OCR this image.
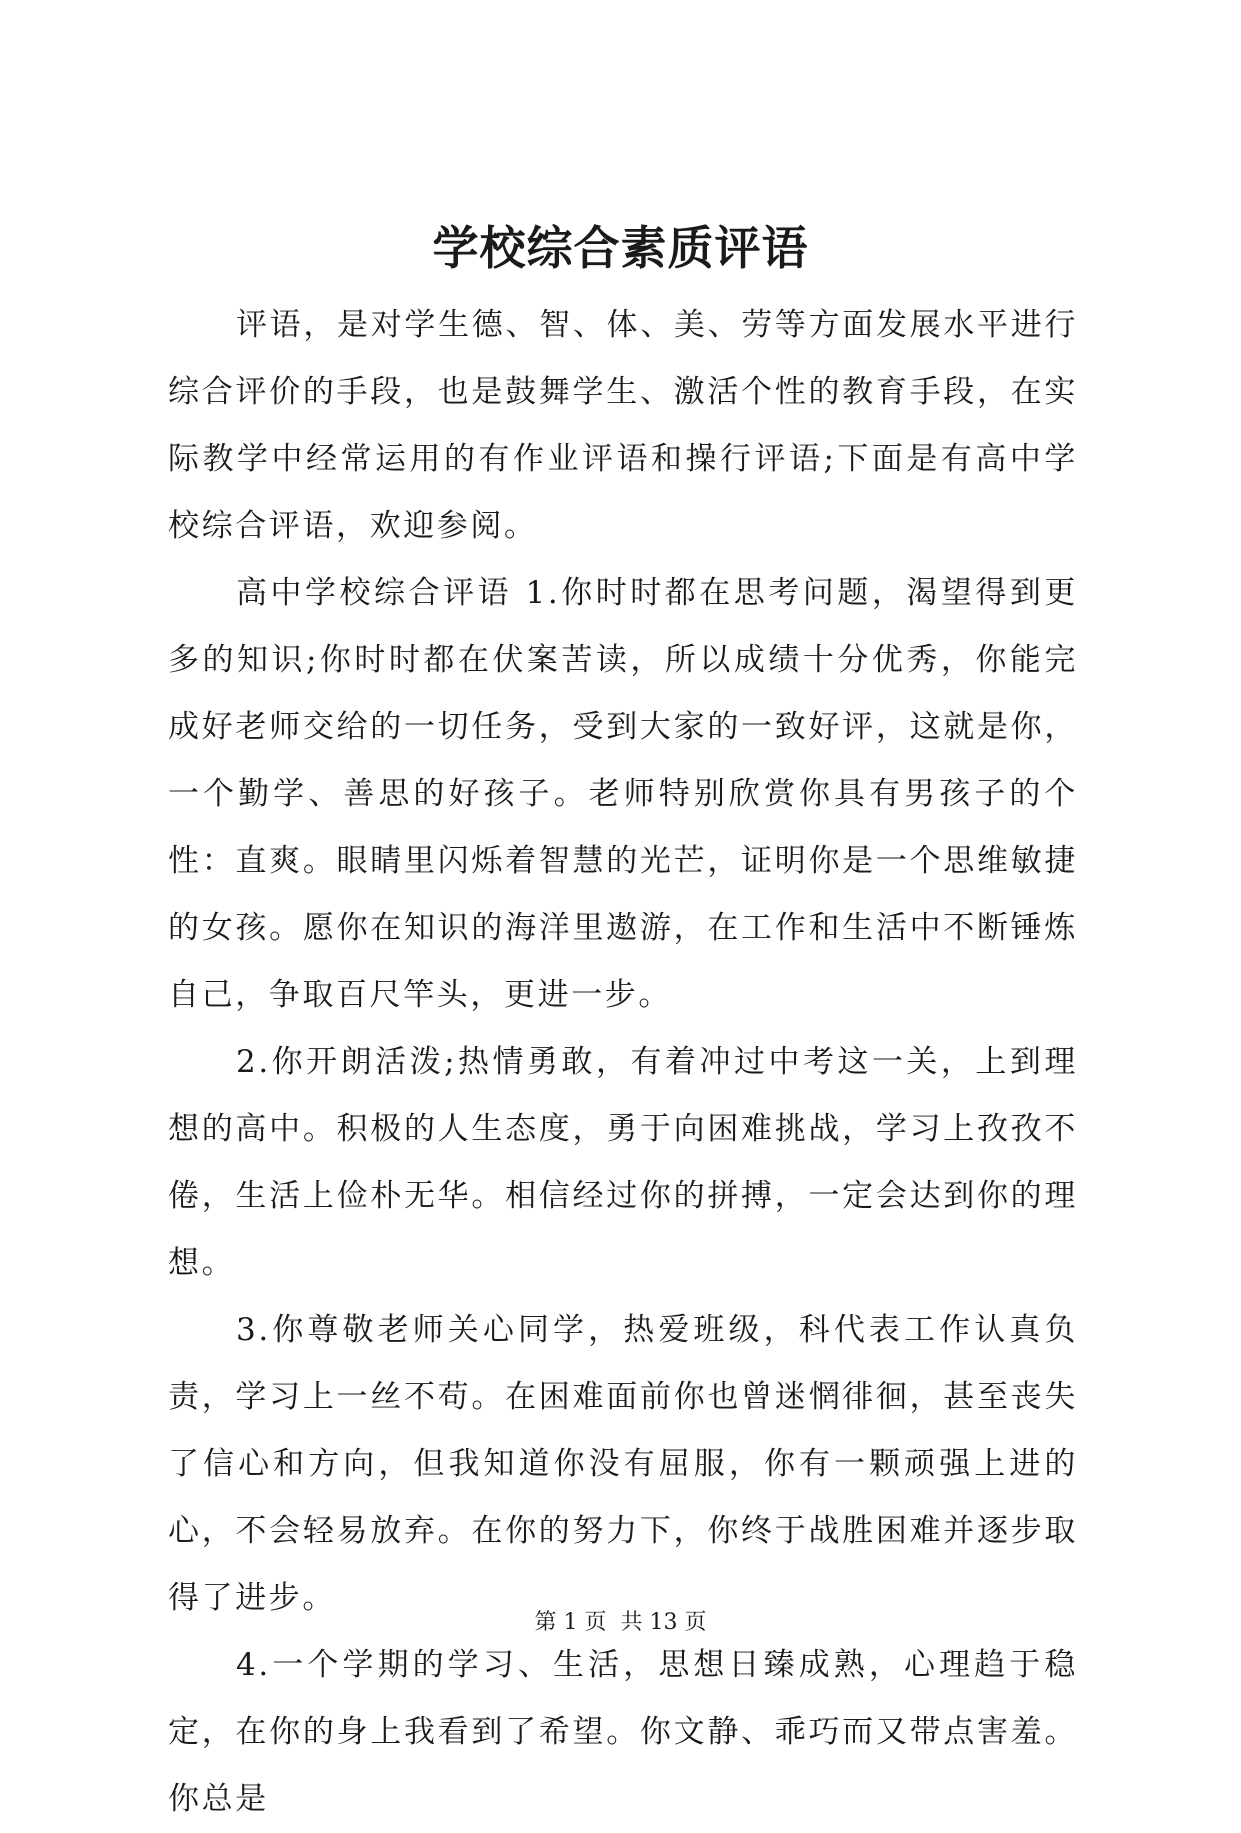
学校综合素质评语

评语，是对学生德、智、体、美、劳等方面发展水平进行综合评价的手段，也是鼓舞学生、激活个性的教育手段，在实际教学中经常运用的有作业评语和操行评语;下面是有高中学校综合评语，欢迎参阅。

高中学校综合评语 1.你时时都在思考问题，渴望得到更多的知识;你时时都在伏案苦读，所以成绩十分优秀，你能完成好老师交给的一切任务，受到大家的一致好评，这就是你，一个勤学、善思的好孩子。老师特别欣赏你具有男孩子的个性：直爽。眼睛里闪烁着智慧的光芒，证明你是一个思维敏捷的女孩。愿你在知识的海洋里遨游，在工作和生活中不断锤炼自己，争取百尺竿头，更进一步。

2.你开朗活泼;热情勇敢，有着冲过中考这一关，上到理想的高中。积极的人生态度，勇于向困难挑战，学习上孜孜不倦，生活上俭朴无华。相信经过你的拼搏，一定会达到你的理想。

3.你尊敬老师关心同学，热爱班级，科代表工作认真负责，学习上一丝不苟。在困难面前你也曾迷惘徘徊，甚至丧失了信心和方向，但我知道你没有屈服，你有一颗顽强上进的心，不会轻易放弃。在你的努力下，你终于战胜困难并逐步取得了进步。

4.一个学期的学习、生活，思想日臻成熟，心理趋于稳定，在你的身上我看到了希望。你文静、乖巧而又带点害羞。你总是

第 1 页  共 13 页
